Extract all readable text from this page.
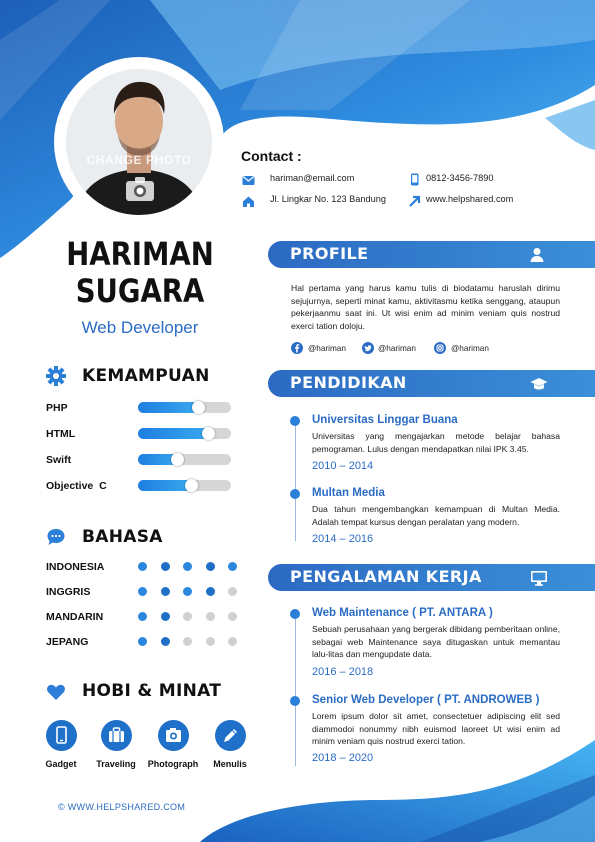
CHANGE PHOTO	Contact :
hariman@email.com	0812-3456-7890
Jl. Lingkar No. 123 Bandung	www.helpshared.com
HARIMAN
SUGARA
Web Developer
KEMAMPUAN
PHP
HTML
Swift
Objective  C
BAHASA
INDONESIA
INGGRIS
MANDARIN
JEPANG
HOBI & MINAT
Gadget	Traveling	Photograph	Menulis
PROFILE
Hal pertama yang harus kamu tulis di biodatamu haruslah dirimu sejujurnya, seperti minat kamu, aktivitasmu ketika senggang, ataupun pekerjaanmu saat ini. Ut wisi enim ad minim veniam quis nostrud exerci tation doloju.
@hariman	@hariman	@hariman
PENDIDIKAN
Universitas Linggar Buana
Universitas yang mengajarkan metode belajar bahasa pemograman. Lulus dengan mendapatkan nilai IPK 3.45.
2010 – 2014
Multan Media
Dua tahun mengembangkan kemampuan di Multan Media. Adalah tempat kursus dengan peralatan yang modern.
2014 – 2016
PENGALAMAN KERJA
Web Maintenance ( PT. ANTARA )
Sebuah perusahaan yang bergerak dibidang pemberitaan online, sebagai web Maintenance saya ditugaskan untuk memantau lalu-litas dan mengupdate data.
2016 – 2018
Senior Web Developer ( PT. ANDROWEB )
Lorem ipsum dolor sit amet, consectetuer adipiscing elit sed diammodoi nonummy nibh euismod laoreet Ut wisi enim ad minim veniam quis nostrud exerci tation.
2018 – 2020
© WWW.HELPSHARED.COM
